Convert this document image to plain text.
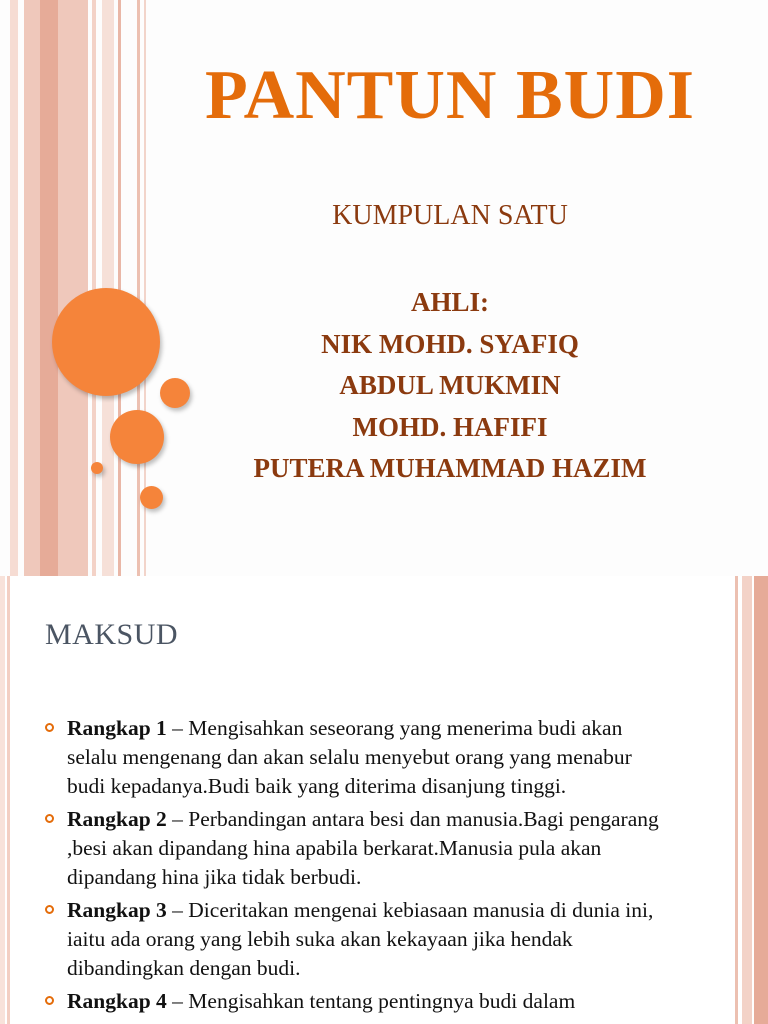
PANTUN BUDI
KUMPULAN SATU
AHLI:
NIK MOHD. SYAFIQ
ABDUL MUKMIN
MOHD. HAFIFI
PUTERA MUHAMMAD HAZIM
MAKSUD
Rangkap 1 – Mengisahkan seseorang yang menerima budi akan selalu mengenang dan akan selalu menyebut orang yang menabur budi kepadanya.Budi baik yang diterima disanjung tinggi.
Rangkap 2 – Perbandingan antara besi dan manusia.Bagi pengarang ,besi akan dipandang hina apabila berkarat.Manusia pula akan dipandang hina jika tidak berbudi.
Rangkap 3 – Diceritakan mengenai kebiasaan manusia di dunia ini, iaitu ada orang yang lebih suka akan kekayaan jika hendak dibandingkan dengan budi.
Rangkap 4 – Mengisahkan tentang pentingnya budi dalam
